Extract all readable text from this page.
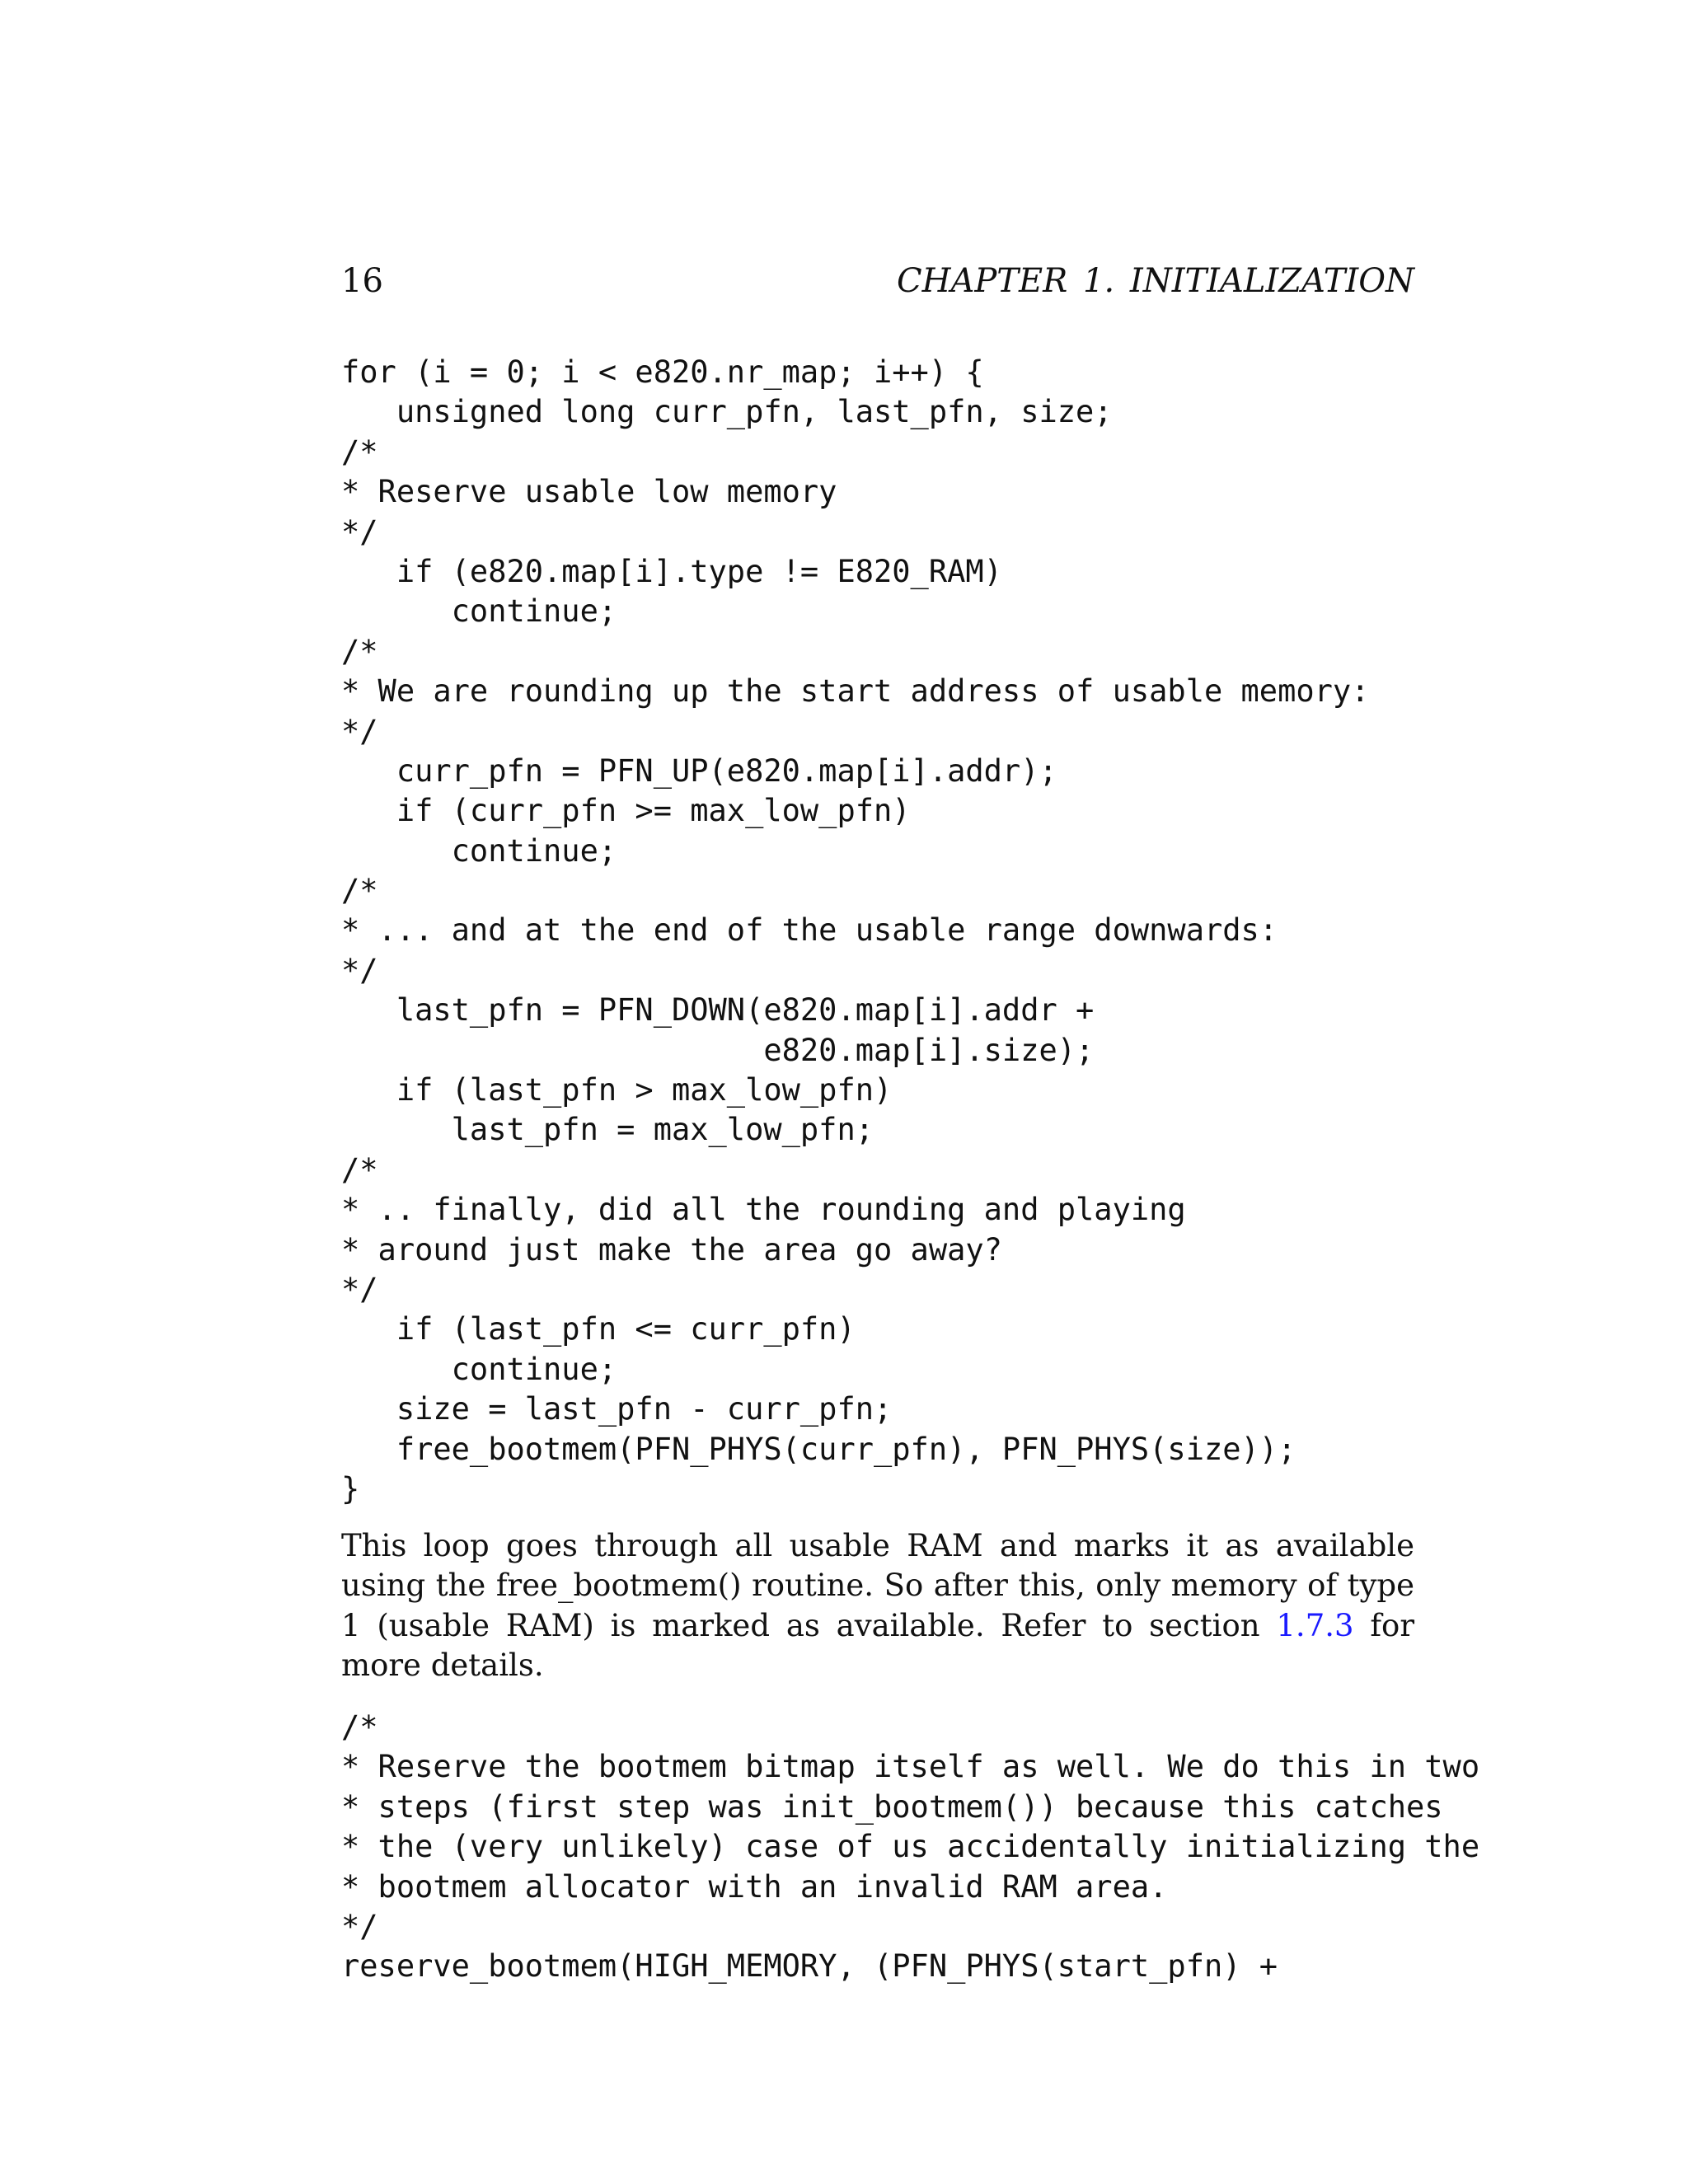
16	CHAPTER 1. INITIALIZATION
for (i = 0; i < e820.nr_map; i++) {
unsigned long curr_pfn, last_pfn, size;
/*
* Reserve usable low memory
*/
if (e820.map[i].type != E820_RAM)
continue;
/*
* We are rounding up the start address of usable memory:
*/
curr_pfn = PFN_UP(e820.map[i].addr);
if (curr_pfn >= max_low_pfn)
continue;
/*
* ... and at the end of the usable range downwards:
*/
last_pfn = PFN_DOWN(e820.map[i].addr +
e820.map[i].size);
if (last_pfn > max_low_pfn)
last_pfn = max_low_pfn;
/*
* .. finally, did all the rounding and playing
* around just make the area go away?
*/
if (last_pfn <= curr_pfn)
continue;
size = last_pfn - curr_pfn;
free_bootmem(PFN_PHYS(curr_pfn), PFN_PHYS(size));
}

This loop goes through all usable RAM and marks it as available using the free_bootmem() routine. So after this, only memory of type 1 (usable RAM) is marked as available. Refer to section 1.7.3 for more details.

/*
* Reserve the bootmem bitmap itself as well. We do this in two
* steps (first step was init_bootmem()) because this catches
* the (very unlikely) case of us accidentally initializing the
* bootmem allocator with an invalid RAM area.
*/
reserve_bootmem(HIGH_MEMORY, (PFN_PHYS(start_pfn) +
